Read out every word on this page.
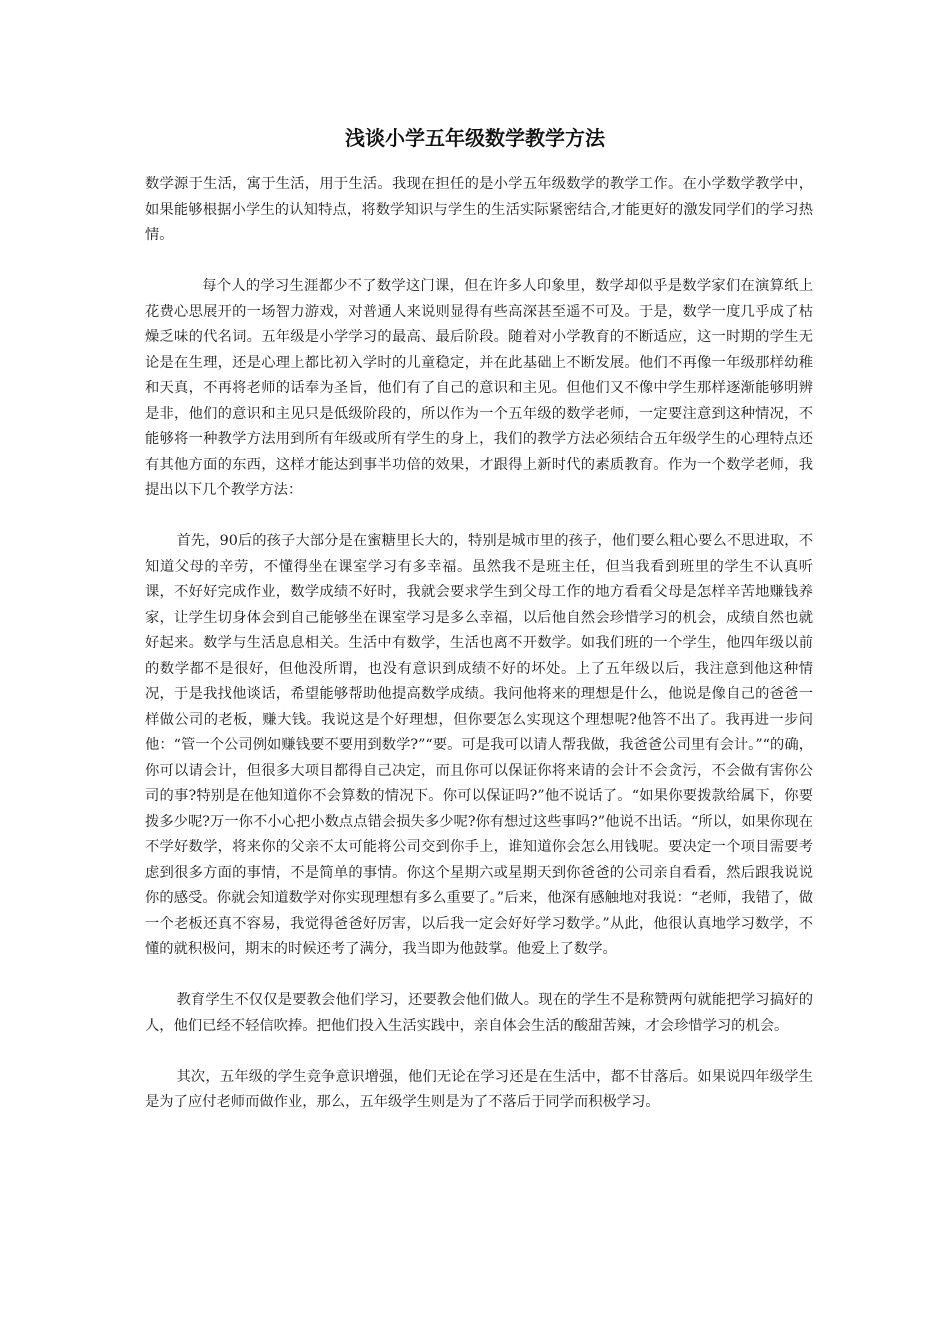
浅谈小学五年级数学教学方法

数学源于生活，寓于生活，用于生活。我现在担任的是小学五年级数学的教学工作。在小学数学教学中，如果能够根据小学生的认知特点，将数学知识与学生的生活实际紧密结合,才能更好的激发同学们的学习热情。

每个人的学习生涯都少不了数学这门课，但在许多人印象里，数学却似乎是数学家们在演算纸上花费心思展开的一场智力游戏，对普通人来说则显得有些高深甚至遥不可及。于是，数学一度几乎成了枯燥乏味的代名词。五年级是小学学习的最高、最后阶段。随着对小学教育的不断适应，这一时期的学生无论是在生理，还是心理上都比初入学时的儿童稳定，并在此基础上不断发展。他们不再像一年级那样幼稚和天真，不再将老师的话奉为圣旨，他们有了自己的意识和主见。但他们又不像中学生那样逐渐能够明辨是非，他们的意识和主见只是低级阶段的，所以作为一个五年级的数学老师，一定要注意到这种情况，不能够将一种教学方法用到所有年级或所有学生的身上，我们的教学方法必须结合五年级学生的心理特点还有其他方面的东西，这样才能达到事半功倍的效果，才跟得上新时代的素质教育。作为一个数学老师，我提出以下几个教学方法：

首先，90后的孩子大部分是在蜜糖里长大的，特别是城市里的孩子，他们要么粗心要么不思进取，不知道父母的辛劳，不懂得坐在课室学习有多幸福。虽然我不是班主任，但当我看到班里的学生不认真听课，不好好完成作业，数学成绩不好时，我就会要求学生到父母工作的地方看看父母是怎样辛苦地赚钱养家，让学生切身体会到自己能够坐在课室学习是多么幸福，以后他自然会珍惜学习的机会，成绩自然也就好起来。数学与生活息息相关。生活中有数学，生活也离不开数学。如我们班的一个学生，他四年级以前的数学都不是很好，但他没所谓，也没有意识到成绩不好的坏处。上了五年级以后，我注意到他这种情况，于是我找他谈话，希望能够帮助他提高数学成绩。我问他将来的理想是什么，他说是像自己的爸爸一样做公司的老板，赚大钱。我说这是个好理想，但你要怎么实现这个理想呢?他答不出了。我再进一步问他：“管一个公司例如赚钱要不要用到数学?”“要。可是我可以请人帮我做，我爸爸公司里有会计。”“的确，你可以请会计，但很多大项目都得自己决定，而且你可以保证你将来请的会计不会贪污，不会做有害你公司的事?特别是在他知道你不会算数的情况下。你可以保证吗?”他不说话了。“如果你要拨款给属下，你要拨多少呢?万一你不小心把小数点点错会损失多少呢?你有想过这些事吗?”他说不出话。“所以，如果你现在不学好数学，将来你的父亲不太可能将公司交到你手上，谁知道你会怎么用钱呢。要决定一个项目需要考虑到很多方面的事情，不是简单的事情。你这个星期六或星期天到你爸爸的公司亲自看看，然后跟我说说你的感受。你就会知道数学对你实现理想有多么重要了。”后来，他深有感触地对我说：“老师，我错了，做一个老板还真不容易，我觉得爸爸好厉害，以后我一定会好好学习数学。”从此，他很认真地学习数学，不懂的就积极问，期末的时候还考了满分，我当即为他鼓掌。他爱上了数学。

教育学生不仅仅是要教会他们学习，还要教会他们做人。现在的学生不是称赞两句就能把学习搞好的人，他们已经不轻信吹捧。把他们投入生活实践中，亲自体会生活的酸甜苦辣，才会珍惜学习的机会。

其次，五年级的学生竞争意识增强，他们无论在学习还是在生活中，都不甘落后。如果说四年级学生是为了应付老师而做作业，那么，五年级学生则是为了不落后于同学而积极学习。
